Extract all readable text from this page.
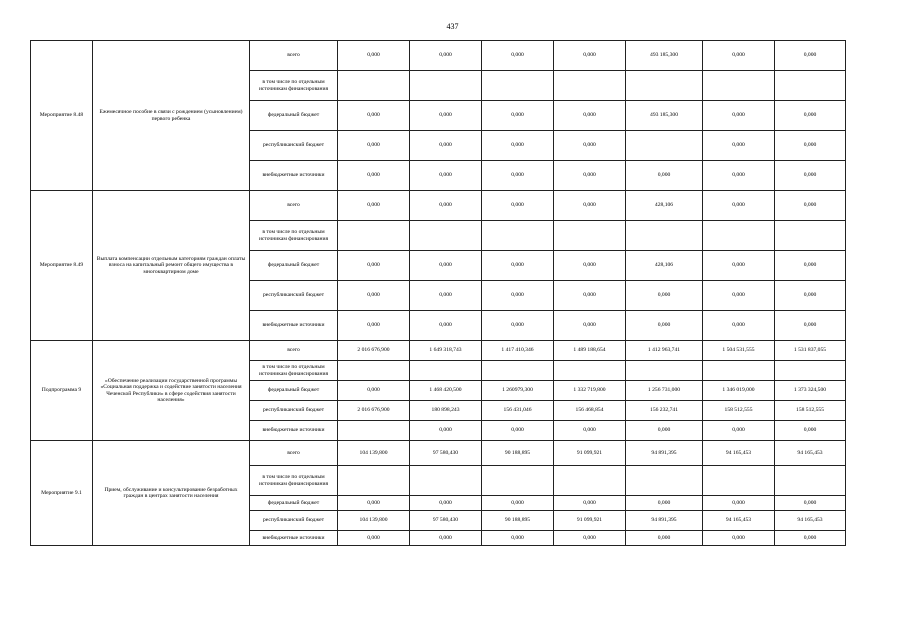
437
Мероприятие 8.48	Ежемесячное пособие в связи с рождением (усыновлением) первого ребенка	всего	0,000	0,000	0,000	0,000	493 185,300	0,000	0,000
		в том числе по отдельным источникам финансирования							
		федеральный бюджет	0,000	0,000	0,000	0,000	493 185,300	0,000	0,000
		республиканский бюджет	0,000	0,000	0,000	0,000		0,000	0,000
		внебюджетные источники	0,000	0,000	0,000	0,000	0,000	0,000	0,000
Мероприятие 8.49	Выплата компенсации отдельным категориям граждан оплаты взноса на капитальный ремонт общего имущества в многоквартирном доме	всего	0,000	0,000	0,000	0,000	428,106	0,000	0,000
		в том числе по отдельным источникам финансирования							
		федеральный бюджет	0,000	0,000	0,000	0,000	428,106	0,000	0,000
		республиканский бюджет	0,000	0,000	0,000	0,000	0,000	0,000	0,000
		внебюджетные источники	0,000	0,000	0,000	0,000	0,000	0,000	0,000
Подпрограмма 9	«Обеспечение реализации государственной программы «Социальная поддержка и содействие занятости населения Чеченской Республики» в сфере содействия занятости населения»	всего	2 016 676,900	1 649 318,743	1 417 410,346	1 489 188,654	1 412 963,741	1 504 531,555	1 531 837,055
		в том числе по отдельным источникам финансирования							
		федеральный бюджет	0,000	1 468 420,500	1 260979,300	1 332 719,800	1 256 731,000	1 346 019,000	1 373 324,500
		республиканский бюджет	2 016 676,900	180 898,243	156 431,046	156 468,854	156 232,741	158 512,555	158 512,555
		внебюджетные источники		0,000	0,000	0,000	0,000	0,000	0,000
Мероприятие 9.1	Прием, обслуживание и консультирование безработных граждан в центрах занятости населения	всего	104 139,800	97 580,430	90 188,895	91 099,921	94 891,395	94 165,453	94 165,453
		в том числе по отдельным источникам финансирования							
		федеральный бюджет	0,000	0,000	0,000	0,000	0,000	0,000	0,000
		республиканский бюджет	104 139,800	97 580,430	90 188,895	91 099,921	94 891,395	94 165,453	94 165,453
		внебюджетные источники	0,000	0,000	0,000	0,000	0,000	0,000	0,000
